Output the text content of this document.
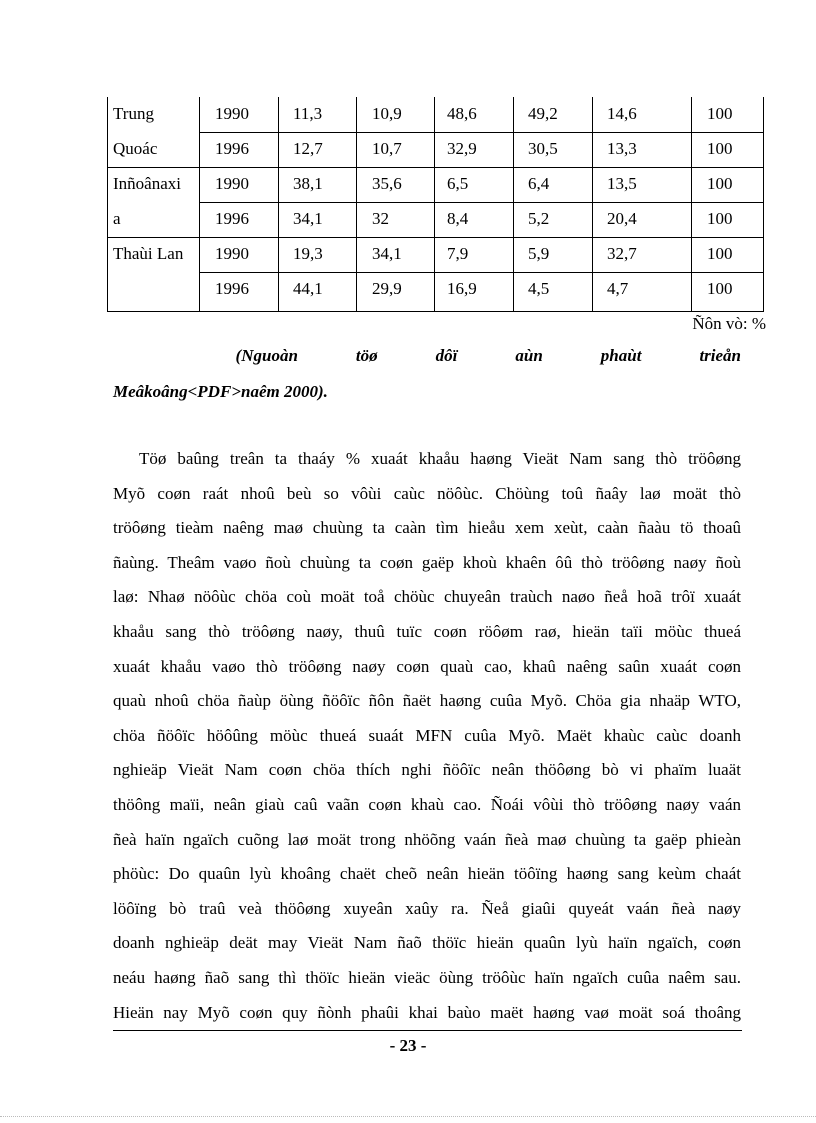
Trung	1990	11,3	10,9	48,6	49,2	14,6	100
Quoác	1996	12,7	10,7	32,9	30,5	13,3	100
Inñoânaxi 1990	38,1	35,6	6,5	6,4	13,5	100
a	1996	34,1	32	8,4	5,2	20,4	100
Thaùi Lan 1990	19,3	34,1	7,9	5,9	32,7	100
1996	44,1	29,9	16,9	4,5	4,7	100
Ñôn vò: %
(Nguoàn	töø	dôï	aùn	phaùt	trieån
Meâkoâng<PDF>naêm 2000).
Töø baûng treân ta thaáy % xuaát khaåu haøng Vieät Nam sang thò tröôøng
Myõ coøn raát nhoû beù so vôùi caùc nöôùc. Chöùng toû ñaây laø moät thò
tröôøng tieàm naêng maø chuùng ta caàn tìm hieåu xem xeùt, caàn ñaàu tö thoaû
ñaùng. Theâm vaøo ñoù chuùng ta coøn gaëp khoù khaên ôû thò tröôøng naøy ñoù
laø: Nhaø nöôùc chöa coù moät toå chöùc chuyeân traùch naøo ñeå hoã trôï xuaát
khaåu sang thò tröôøng naøy, thuû tuïc coøn röôøm raø, hieän taïi möùc thueá
xuaát khaåu vaøo thò tröôøng naøy coøn quaù cao, khaû naêng saûn xuaát coøn
quaù nhoû chöa ñaùp öùng ñöôïc ñôn ñaët haøng cuûa Myõ. Chöa gia nhaäp WTO,
chöa ñöôïc höôûng möùc thueá suaát MFN cuûa Myõ. Maët khaùc caùc doanh
nghieäp Vieät Nam coøn chöa thích nghi ñöôïc neân thöôøng bò vi phaïm luaät
thöông maïi, neân giaù caû vaãn coøn khaù cao. Ñoái vôùi thò tröôøng naøy vaán
ñeà haïn ngaïch cuõng laø moät trong nhöõng vaán ñeà maø chuùng ta gaëp phieàn
phöùc: Do quaûn lyù khoâng chaët cheõ neân hieän töôïng haøng sang keùm chaát
löôïng bò traû veà thöôøng xuyeân xaûy ra. Ñeå giaûi quyeát vaán ñeà naøy
doanh nghieäp deät may Vieät Nam ñaõ thöïc hieän quaûn lyù haïn ngaïch, coøn
neáu haøng ñaõ sang thì thöïc hieän vieäc öùng tröôùc haïn ngaïch cuûa naêm sau.
Hieän nay Myõ coøn quy ñònh phaûi khai baùo maët haøng vaø moät soá thoâng
- 23 -
